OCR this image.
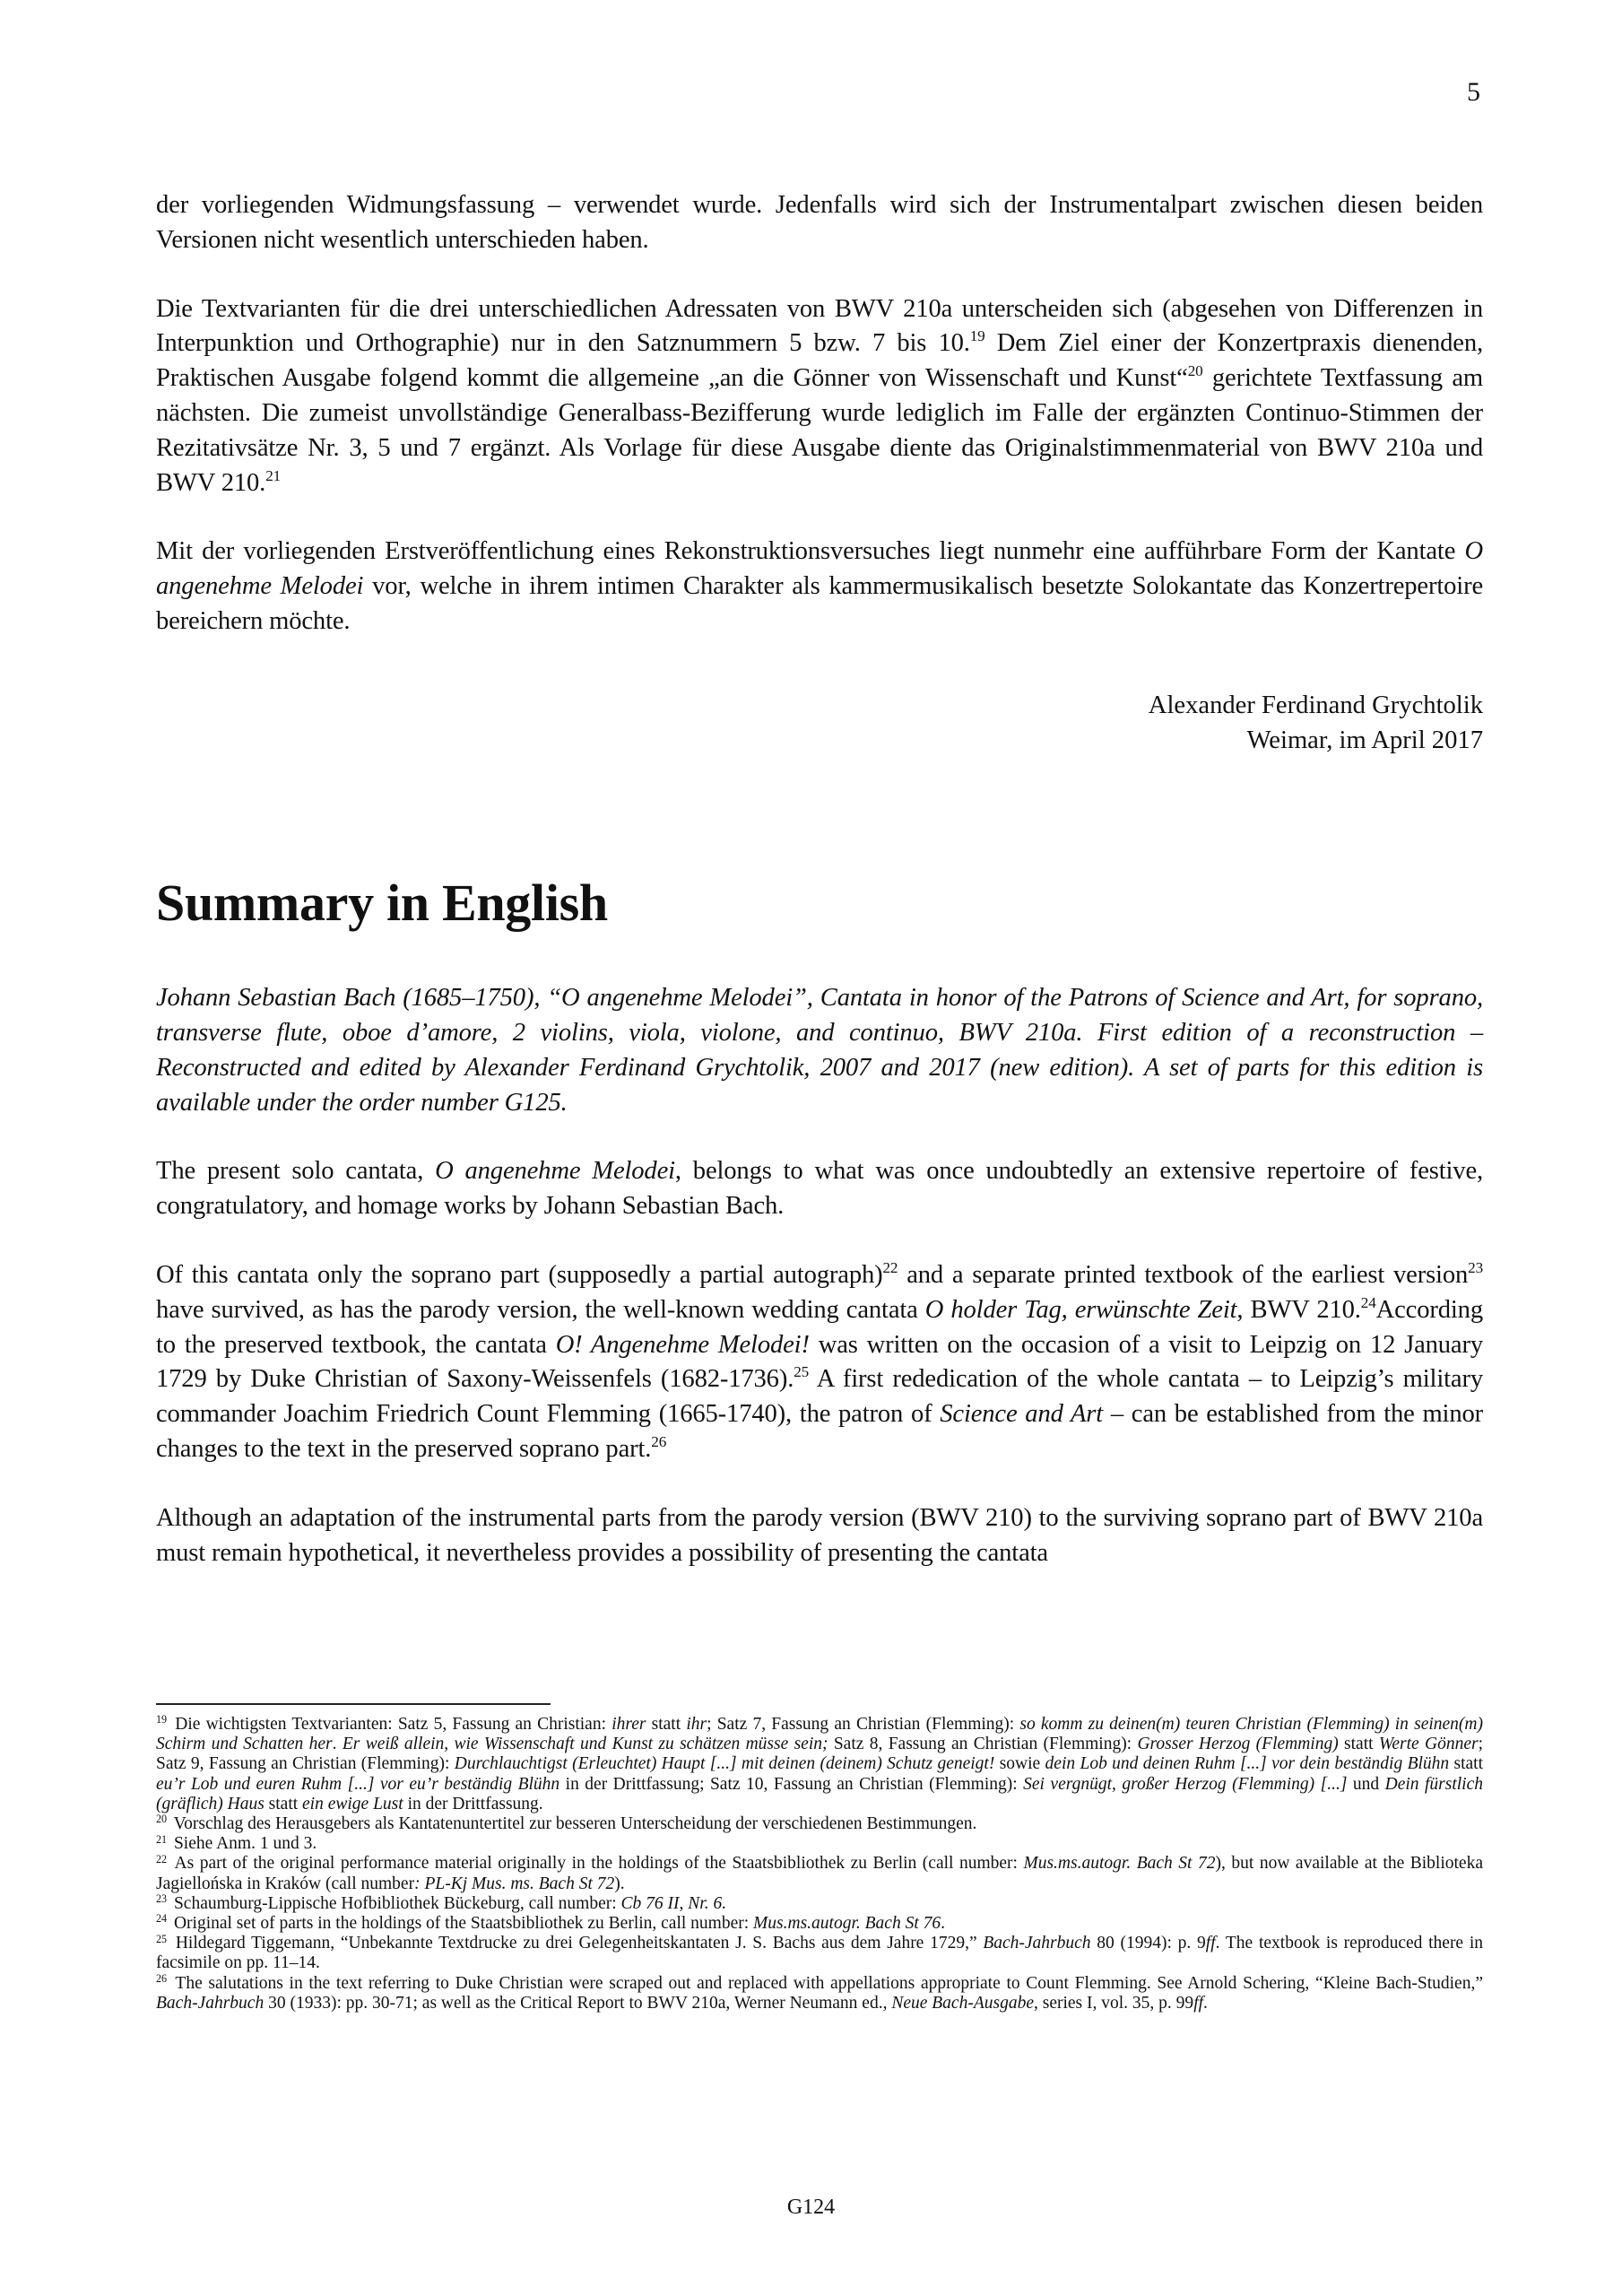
5

der vorliegenden Widmungsfassung – verwendet wurde. Jedenfalls wird sich der Instrumentalpart zwischen diesen beiden Versionen nicht wesentlich unterschieden haben.

Die Textvarianten für die drei unterschiedlichen Adressaten von BWV 210a unterscheiden sich (abgesehen von Differenzen in Interpunktion und Orthographie) nur in den Satznummern 5 bzw. 7 bis 10.19 Dem Ziel einer der Konzertpraxis dienenden, Praktischen Ausgabe folgend kommt die allgemeine „an die Gönner von Wissenschaft und Kunst“$^{20}$ gerichtete Textfassung am nächsten. Die zumeist unvollständige Generalbass-Bezifferung wurde lediglich im Falle der ergänzten Continuo-Stimmen der Rezitativsätze Nr. 3, 5 und 7 ergänzt. Als Vorlage für diese Ausgabe diente das Originalstimmenmaterial von BWV 210a und BWV 210.21

Mit der vorliegenden Erstveröffentlichung eines Rekonstruktionsversuches liegt nunmehr eine aufführbare Form der Kantate O angenehme Melodei vor, welche in ihrem intimen Charakter als kammermusikalisch besetzte Solokantate das Konzertrepertoire bereichern möchte.

Alexander Ferdinand Grychtolik
Weimar, im April 2017
Summary in English

Johann Sebastian Bach (1685–1750), “O angenehme Melodei”, Cantata in honor of the Patrons of Science and Art, for soprano, transverse flute, oboe d’amore, 2 violins, viola, violone, and continuo, BWV 210a. First edition of a reconstruction – Reconstructed and edited by Alexander Ferdinand Grychtolik, 2007 and 2017 (new edition). A set of parts for this edition is available under the order number G125.

The present solo cantata, O angenehme Melodei, belongs to what was once undoubtedly an extensive repertoire of festive, congratulatory, and homage works by Johann Sebastian Bach.

Of this cantata only the soprano part (supposedly a partial autograph)$^{22}$ and a separate printed textbook of the earliest version$^{23}$ have survived, as has the parody version, the well-known wedding cantata O holder Tag, erwünschte Zeit, BWV 210.24According to the preserved textbook, the cantata O! Angenehme Melodei! was written on the occasion of a visit to Leipzig on 12 January 1729 by Duke Christian of Saxony-Weissenfels (1682-1736).$^{25}$ A first rededication of the whole cantata – to Leipzig’s military commander Joachim Friedrich Count Flemming (1665-1740), the patron of Science and Art – can be established from the minor changes to the text in the preserved soprano part.$^{26}$

Although an adaptation of the instrumental parts from the parody version (BWV 210) to the surviving soprano part of BWV 210a must remain hypothetical, it nevertheless provides a possibility of presenting the cantata

$^{19}$ Die wichtigsten Textvarianten: Satz 5, Fassung an Christian: ihrer statt ihr; Satz 7, Fassung an Christian (Flemming): so komm zu deinen(m) teuren Christian (Flemming) in seinen(m) Schirm und Schatten her. Er weiß allein, wie Wissenschaft und Kunst zu schätzen müsse sein; Satz 8, Fassung an Christian (Flemming): Grosser Herzog (Flemming) statt Werte Gönner; Satz 9, Fassung an Christian (Flemming): Durchlauchtigst (Erleuchtet) Haupt [...] mit deinen (deinem) Schutz geneigt! sowie dein Lob und deinen Ruhm [...] vor dein beständig Blühn statt eu’r Lob und euren Ruhm [...] vor eu’r beständig Blühn in der Drittfassung; Satz 10, Fassung an Christian (Flemming): Sei vergnügt, großer Herzog (Flemming) [...] und Dein fürstlich (gräflich) Haus statt ein ewige Lust in der Drittfassung.

$^{20}$ Vorschlag des Herausgebers als Kantatenuntertitel zur besseren Unterscheidung der verschiedenen Bestimmungen.

$^{21}$ Siehe Anm. 1 und 3.

$^{22}$ As part of the original performance material originally in the holdings of the Staatsbibliothek zu Berlin (call number: Mus.ms.autogr. Bach St 72), but now available at the Biblioteka Jagiellońska in Kraków (call number: PL-Kj Mus. ms. Bach St 72).

$^{23}$ Schaumburg-Lippische Hofbibliothek Bückeburg, call number: Cb 76 II, Nr. 6.

$^{24}$ Original set of parts in the holdings of the Staatsbibliothek zu Berlin, call number: Mus.ms.autogr. Bach St 76.

$^{25}$ Hildegard Tiggemann, “Unbekannte Textdrucke zu drei Gelegenheitskantaten J. S. Bachs aus dem Jahre 1729,” Bach-Jahrbuch 80 (1994): p. 9ff. The textbook is reproduced there in facsimile on pp. 11–14.

$^{26}$ The salutations in the text referring to Duke Christian were scraped out and replaced with appellations appropriate to Count Flemming. See Arnold Schering, “Kleine Bach-Studien,” Bach-Jahrbuch 30 (1933): pp. 30-71; as well as the Critical Report to BWV 210a, Werner Neumann ed., Neue Bach-Ausgabe, series I, vol. 35, p. 99ff.

G124
